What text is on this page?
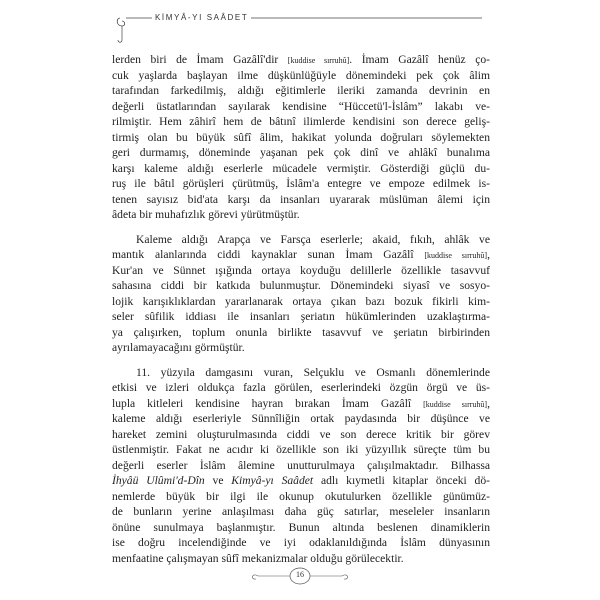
KİMYÂ-YI SAÂDET
lerden biri de İmam Gazâlî'dir [kuddise sırruhû]. İmam Gazâlî henüz ço-
cuk yaşlarda başlayan ilme düşkünlüğüyle dönemindeki pek çok âlim
tarafından farkedilmiş, aldığı eğitimlerle ileriki zamanda devrinin en
değerli üstatlarından sayılarak kendisine “Hüccetü'l-İslâm” lakabı ve-
rilmiştir. Hem zâhirî hem de bâtınî ilimlerde kendisini son derece geliş-
tirmiş olan bu büyük sûfî âlim, hakikat yolunda doğruları söylemekten
geri durmamış, döneminde yaşanan pek çok dinî ve ahlâkî bunalıma
karşı kaleme aldığı eserlerle mücadele vermiştir. Gösterdiği güçlü du-
ruş ile bâtıl görüşleri çürütmüş, İslâm'a entegre ve empoze edilmek is-
tenen sayısız bid'ata karşı da insanları uyararak müslüman âlemi için
âdeta bir muhafızlık görevi yürütmüştür.
Kaleme aldığı Arapça ve Farsça eserlerle; akaid, fıkıh, ahlâk ve
mantık alanlarında ciddi kaynaklar sunan İmam Gazâlî [kuddise sırruhû],
Kur'an ve Sünnet ışığında ortaya koyduğu delillerle özellikle tasavvuf
sahasına ciddi bir katkıda bulunmuştur. Dönemindeki siyasî ve sosyo-
lojik karışıklıklardan yararlanarak ortaya çıkan bazı bozuk fikirli kim-
seler sûfilik iddiası ile insanları şeriatın hükümlerinden uzaklaştırma-
ya çalışırken, toplum onunla birlikte tasavvuf ve şeriatın birbirinden
ayrılamayacağını görmüştür.
11. yüzyıla damgasını vuran, Selçuklu ve Osmanlı dönemlerinde
etkisi ve izleri oldukça fazla görülen, eserlerindeki özgün örgü ve üs-
lupla kitleleri kendisine hayran bırakan İmam Gazâlî [kuddise sırruhû],
kaleme aldığı eserleriyle Sünnîliğin ortak paydasında bir düşünce ve
hareket zemini oluşturulmasında ciddi ve son derece kritik bir görev
üstlenmiştir. Fakat ne acıdır ki özellikle son iki yüzyıllık süreçte tüm bu
değerli eserler İslâm âlemine unutturulmaya çalışılmaktadır. Bilhassa
İhyâü Ulûmi'd-Dîn ve Kimyâ-yı Saâdet adlı kıymetli kitaplar önceki dö-
nemlerde büyük bir ilgi ile okunup okutulurken özellikle günümüz-
de bunların yerine anlaşılması daha güç satırlar, meseleler insanların
önüne sunulmaya başlanmıştır. Bunun altında beslenen dinamiklerin
ise doğru incelendiğinde ve iyi odaklanıldığında İslâm dünyasının
menfaatine çalışmayan sûfî mekanizmalar olduğu görülecektir.
16
